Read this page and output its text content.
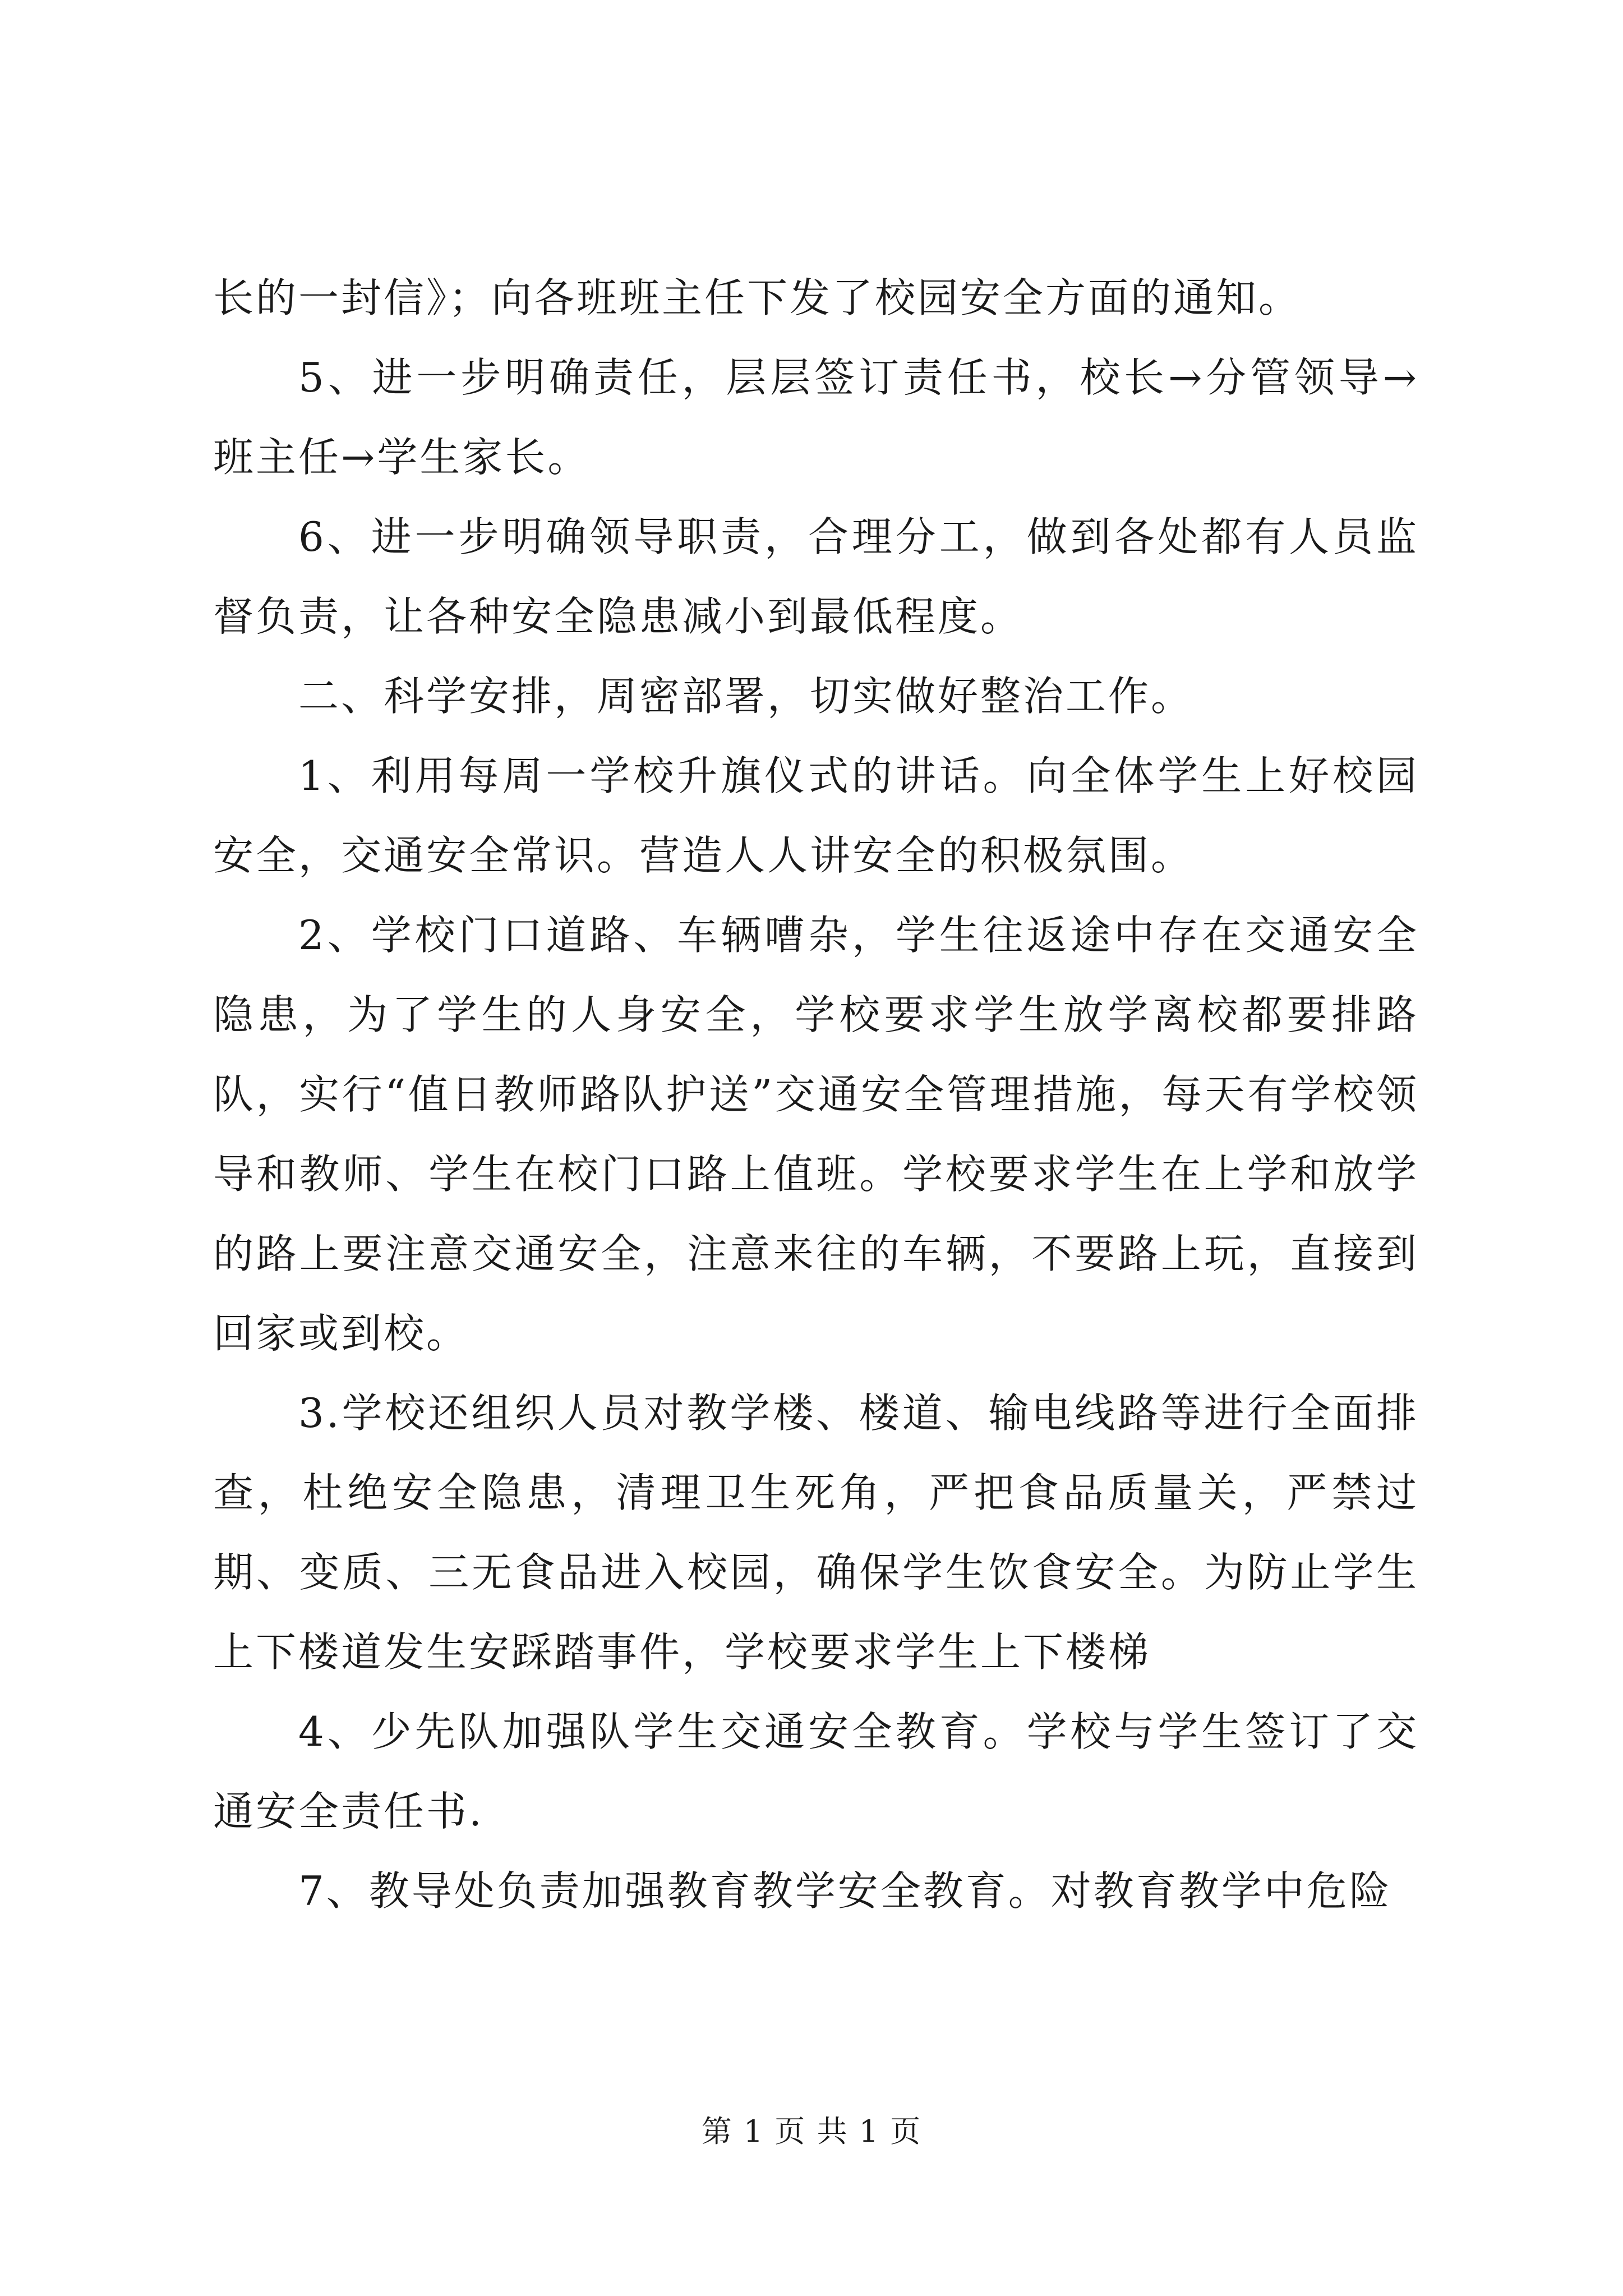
长的一封信》；向各班班主任下发了校园安全方面的通知。

5、进一步明确责任，层层签订责任书，校长→分管领导→班主任→学生家长。

6、进一步明确领导职责，合理分工，做到各处都有人员监督负责，让各种安全隐患减小到最低程度。

二、科学安排，周密部署，切实做好整治工作。

1、利用每周一学校升旗仪式的讲话。向全体学生上好校园安全，交通安全常识。营造人人讲安全的积极氛围。

2、学校门口道路、车辆嘈杂，学生往返途中存在交通安全隐患，为了学生的人身安全，学校要求学生放学离校都要排路队，实行“值日教师路队护送”交通安全管理措施，每天有学校领导和教师、学生在校门口路上值班。学校要求学生在上学和放学的路上要注意交通安全，注意来往的车辆，不要路上玩，直接到回家或到校。

3.学校还组织人员对教学楼、楼道、输电线路等进行全面排查，杜绝安全隐患，清理卫生死角，严把食品质量关，严禁过期、变质、三无食品进入校园，确保学生饮食安全。为防止学生上下楼道发生安踩踏事件，学校要求学生上下楼梯

4、少先队加强队学生交通安全教育。学校与学生签订了交通安全责任书.

7、教导处负责加强教育教学安全教育。对教育教学中危险

第 1 页 共 1 页
